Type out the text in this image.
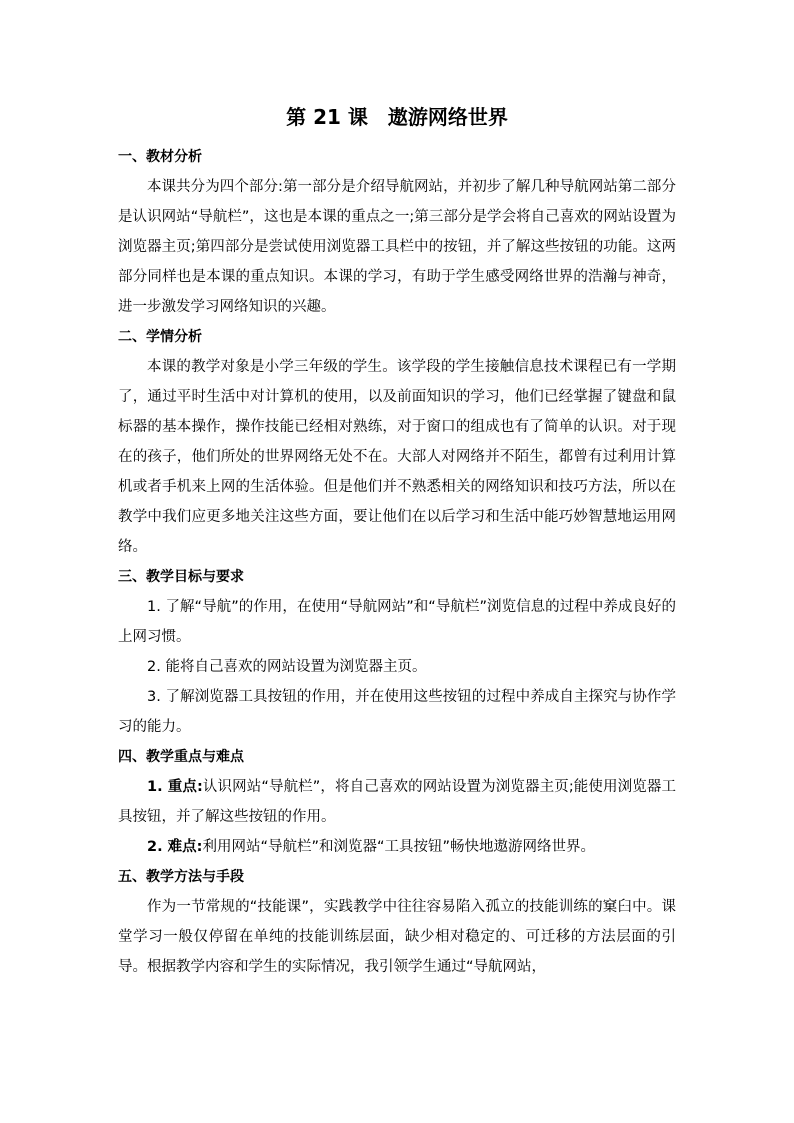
第 21 课　遨游网络世界
一、教材分析
本课共分为四个部分:第一部分是介绍导航网站，并初步了解几种导航网站第二部分是认识网站“导航栏”，这也是本课的重点之一;第三部分是学会将自己喜欢的网站设置为浏览器主页;第四部分是尝试使用浏览器工具栏中的按钮，并了解这些按钮的功能。这两部分同样也是本课的重点知识。本课的学习，有助于学生感受网络世界的浩瀚与神奇，进一步激发学习网络知识的兴趣。
二、学情分析
本课的教学对象是小学三年级的学生。该学段的学生接触信息技术课程已有一学期了，通过平时生活中对计算机的使用，以及前面知识的学习，他们已经掌握了键盘和鼠标器的基本操作，操作技能已经相对熟练，对于窗口的组成也有了简单的认识。对于现在的孩子，他们所处的世界网络无处不在。大部人对网络并不陌生，都曾有过利用计算机或者手机来上网的生活体验。但是他们并不熟悉相关的网络知识和技巧方法，所以在教学中我们应更多地关注这些方面，要让他们在以后学习和生活中能巧妙智慧地运用网络。
三、教学目标与要求
1. 了解“导航”的作用，在使用“导航网站”和“导航栏”浏览信息的过程中养成良好的上网习惯。
2. 能将自己喜欢的网站设置为浏览器主页。
3. 了解浏览器工具按钮的作用，并在使用这些按钮的过程中养成自主探究与协作学习的能力。
四、教学重点与难点
1. 重点:认识网站“导航栏”，将自己喜欢的网站设置为浏览器主页;能使用浏览器工具按钮，并了解这些按钮的作用。
2. 难点:利用网站“导航栏”和浏览器“工具按钮”畅快地遨游网络世界。
五、教学方法与手段
作为一节常规的“技能课”，实践教学中往往容易陷入孤立的技能训练的窠臼中。课堂学习一般仅停留在单纯的技能训练层面，缺少相对稳定的、可迁移的方法层面的引导。根据教学内容和学生的实际情况，我引领学生通过“导航网站，
